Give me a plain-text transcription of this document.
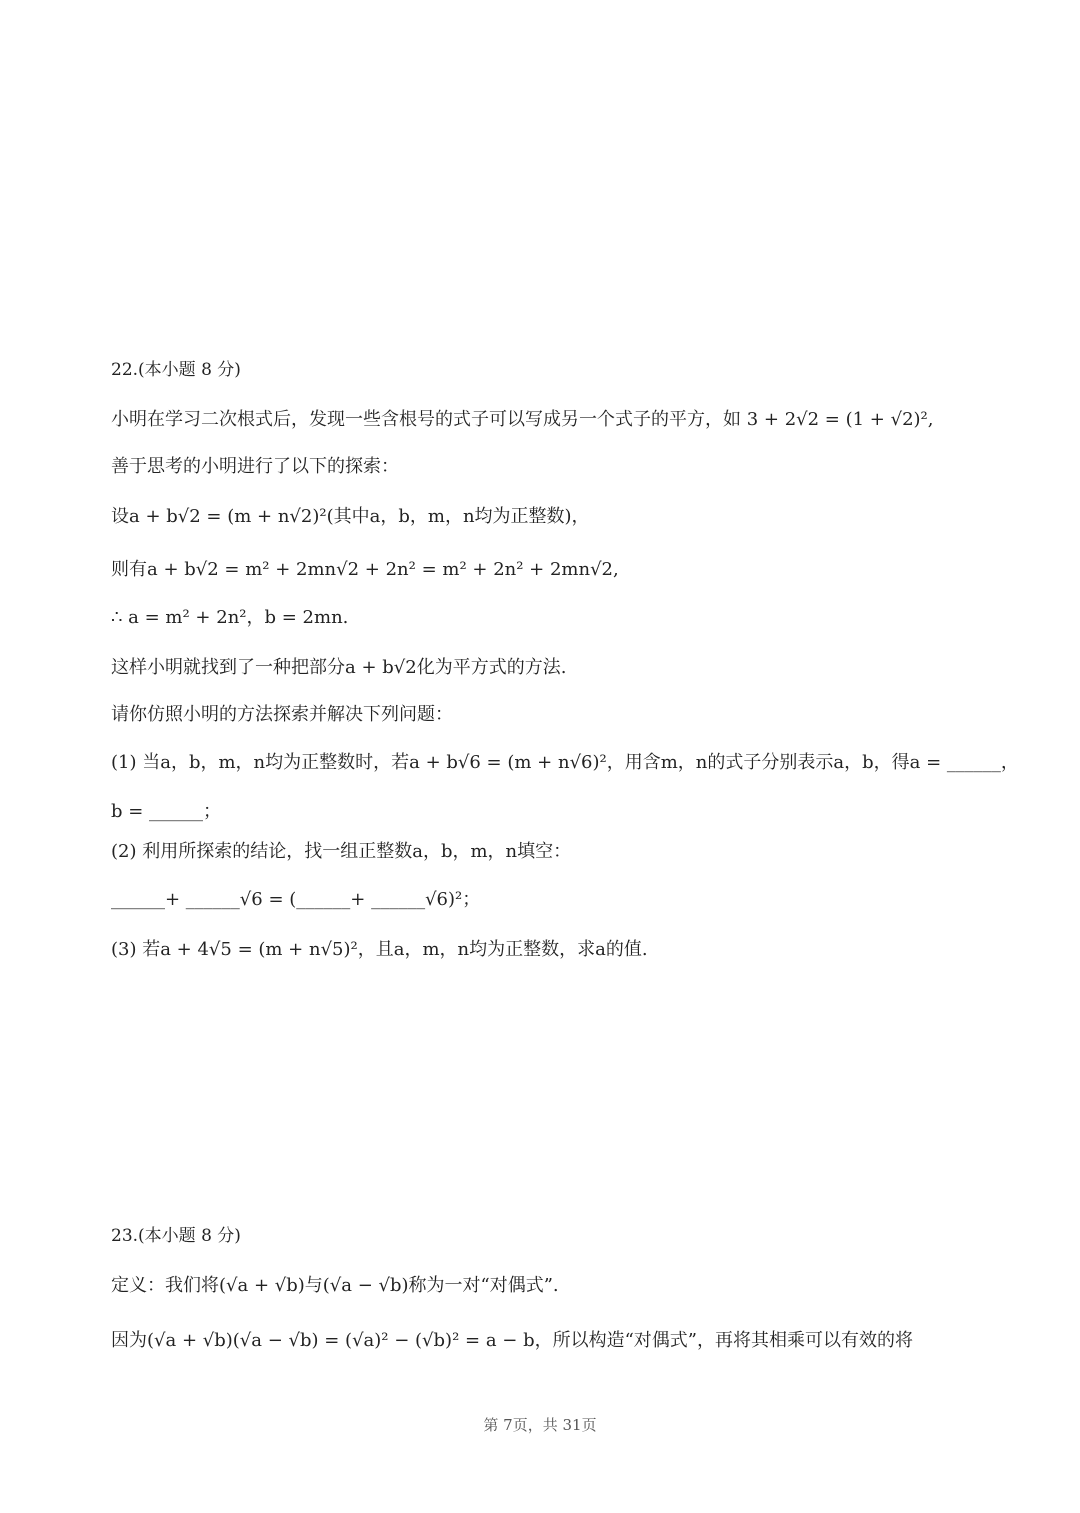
22.(本小题 8 分)
小明在学习二次根式后，发现一些含根号的式子可以写成另一个式子的平方，如 3 + 2√2 = (1 + √2)²,
善于思考的小明进行了以下的探索：
设a + b√2 = (m + n√2)²(其中a，b，m，n均为正整数)，
则有a + b√2 = m² + 2mn√2 + 2n² = m² + 2n² + 2mn√2,
∴ a = m² + 2n²，b = 2mn.
这样小明就找到了一种把部分a + b√2化为平方式的方法.
请你仿照小明的方法探索并解决下列问题：
(1) 当a，b，m，n均为正整数时，若a + b√6 = (m + n√6)²，用含m，n的式子分别表示a，b，得a = ______，
b = ______；
(2) 利用所探索的结论，找一组正整数a，b，m，n填空：
______+ ______√6 = (______+ ______√6)²；
(3) 若a + 4√5 = (m + n√5)²，且a，m，n均为正整数，求a的值.
23.(本小题 8 分)
定义：我们将(√a + √b)与(√a − √b)称为一对“对偶式”.
因为(√a + √b)(√a − √b) = (√a)² − (√b)² = a − b，所以构造“对偶式”，再将其相乘可以有效的将
第 7页，共 31页
